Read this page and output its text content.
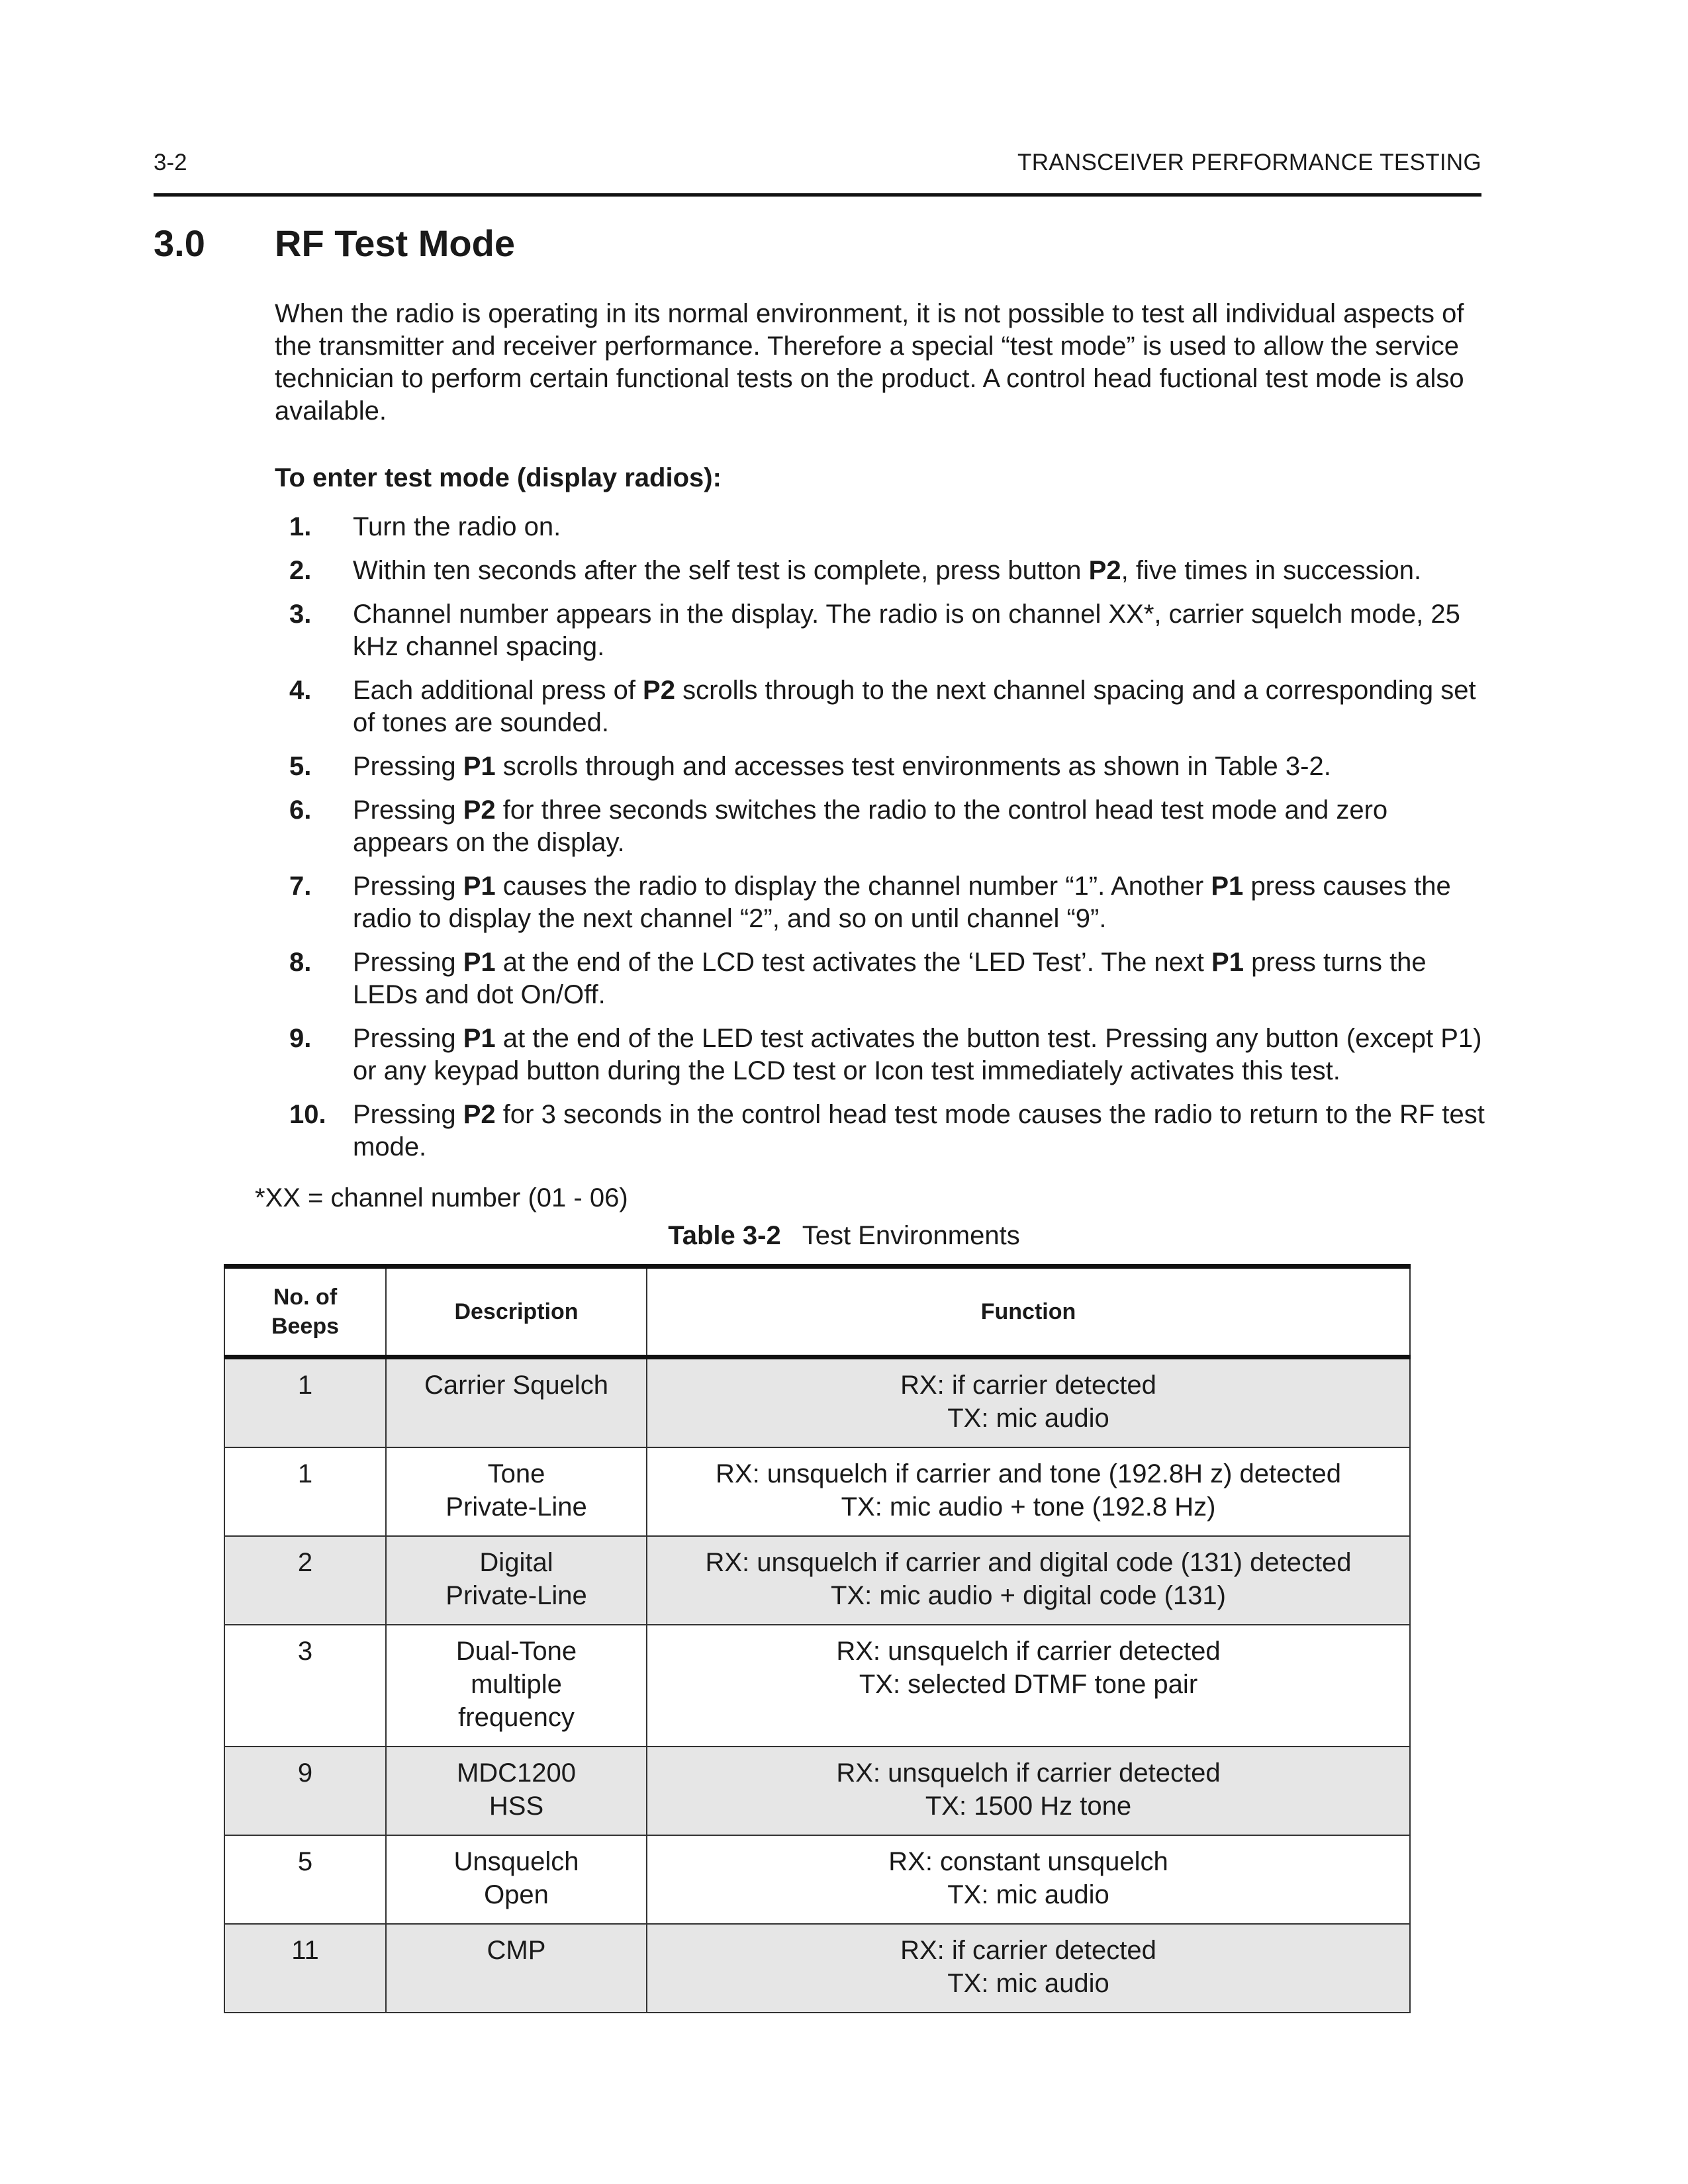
3-2	TRANSCEIVER PERFORMANCE TESTING
3.0 RF Test Mode

When the radio is operating in its normal environment, it is not possible to test all individual aspects of the transmitter and receiver performance. Therefore a special “test mode” is used to allow the service technician to perform certain functional tests on the product. A control head fuctional test mode is also available.

To enter test mode (display radios):
1. Turn the radio on.
2. Within ten seconds after the self test is complete, press button P2, five times in succession.
3. Channel number appears in the display. The radio is on channel XX*, carrier squelch mode, 25 kHz channel spacing.
4. Each additional press of P2 scrolls through to the next channel spacing and a corresponding set of tones are sounded.
5. Pressing P1 scrolls through and accesses test environments as shown in Table 3-2.
6. Pressing P2 for three seconds switches the radio to the control head test mode and zero appears on the display.
7. Pressing P1 causes the radio to display the channel number “1”. Another P1 press causes the radio to display the next channel “2”, and so on until channel “9”.
8. Pressing P1 at the end of the LCD test activates the ‘LED Test’. The next P1 press turns the LEDs and dot On/Off.
9. Pressing P1 at the end of the LED test activates the button test. Pressing any button (except P1) or any keypad button during the LCD test or Icon test immediately activates this test.
10. Pressing P2 for 3 seconds in the control head test mode causes the radio to return to the RF test mode.
*XX = channel number (01 - 06)
Table 3-2 Test Environments
No. of
Beeps	Description	Function

1	Carrier Squelch	RX: if carrier detected
TX: mic audio

1	Tone
Private-Line	RX: unsquelch if carrier and tone (192.8H z) detected
TX: mic audio + tone (192.8 Hz)

2	Digital
Private-Line	RX: unsquelch if carrier and digital code (131) detected
TX: mic audio + digital code (131)

3	Dual-Tone
multiple
frequency	RX: unsquelch if carrier detected
TX: selected DTMF tone pair

9	MDC1200
HSS	RX: unsquelch if carrier detected
TX: 1500 Hz tone

5	Unsquelch
Open	RX: constant unsquelch
TX: mic audio

11	CMP	RX: if carrier detected
TX: mic audio
